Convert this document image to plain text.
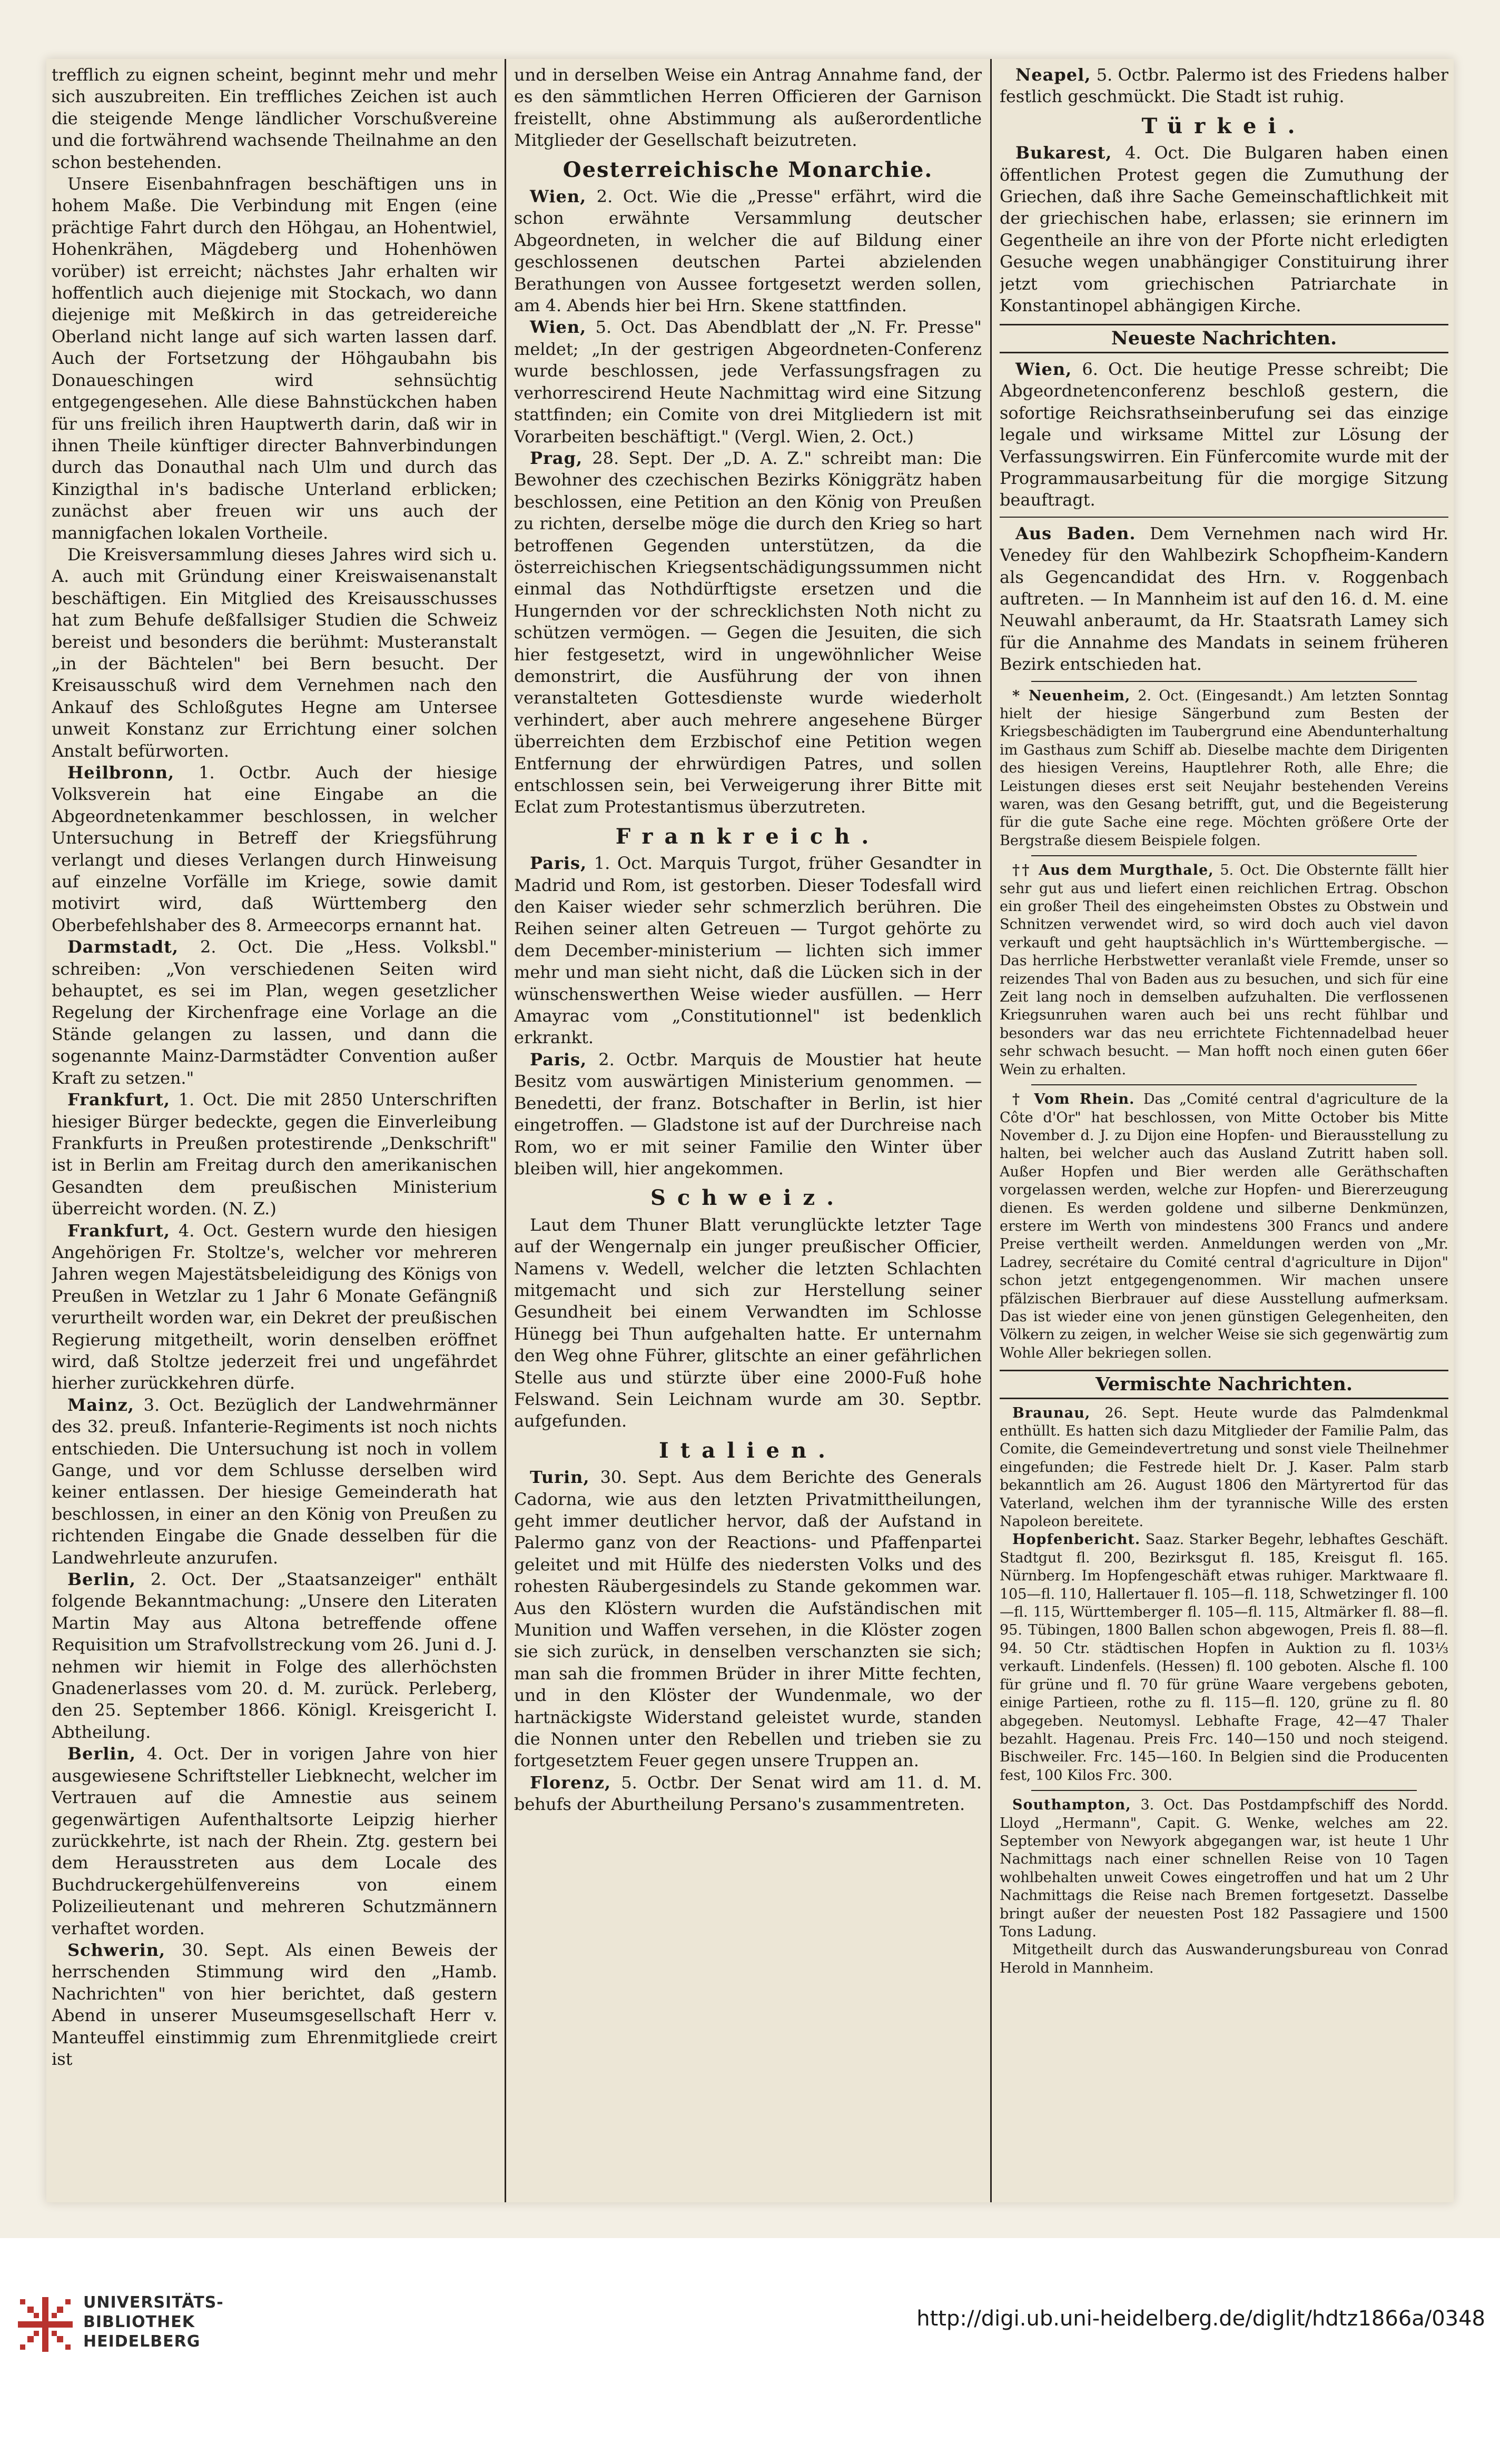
trefflich zu eignen scheint, beginnt mehr und mehr sich auszubreiten. Ein treffliches Zeichen ist auch die steigende Menge ländlicher Vorschußvereine und die fortwährend wachsende Theilnahme an den schon bestehenden.

Unsere Eisenbahnfragen beschäftigen uns in hohem Maße. Die Verbindung mit Engen (eine prächtige Fahrt durch den Höhgau, an Hohentwiel, Hohenkrähen, Mägdeberg und Hohenhöwen vorüber) ist erreicht; nächstes Jahr erhalten wir hoffentlich auch diejenige mit Stockach, wo dann diejenige mit Meßkirch in das getreidereiche Oberland nicht lange auf sich warten lassen darf. Auch der Fortsetzung der Höhgaubahn bis Donaueschingen wird sehnsüchtig entgegengesehen. Alle diese Bahnstückchen haben für uns freilich ihren Hauptwerth darin, daß wir in ihnen Theile künftiger directer Bahnverbindungen durch das Donauthal nach Ulm und durch das Kinzigthal in's badische Unterland erblicken; zunächst aber freuen wir uns auch der mannigfachen lokalen Vortheile.

Die Kreisversammlung dieses Jahres wird sich u. A. auch mit Gründung einer Kreiswaisenanstalt beschäftigen. Ein Mitglied des Kreisausschusses hat zum Behufe deßfallsiger Studien die Schweiz bereist und besonders die berühmt: Musteranstalt „in der Bächtelen" bei Bern besucht. Der Kreisausschuß wird dem Vernehmen nach den Ankauf des Schloßgutes Hegne am Untersee unweit Konstanz zur Errichtung einer solchen Anstalt befürworten.

Heilbronn, 1. Octbr. Auch der hiesige Volksverein hat eine Eingabe an die Abgeordnetenkammer beschlossen, in welcher Untersuchung in Betreff der Kriegsführung verlangt und dieses Verlangen durch Hinweisung auf einzelne Vorfälle im Kriege, sowie damit motivirt wird, daß Württemberg den Oberbefehlshaber des 8. Armeecorps ernannt hat.

Darmstadt, 2. Oct. Die „Hess. Volksbl." schreiben: „Von verschiedenen Seiten wird behauptet, es sei im Plan, wegen gesetzlicher Regelung der Kirchenfrage eine Vorlage an die Stände gelangen zu lassen, und dann die sogenannte Mainz-Darmstädter Convention außer Kraft zu setzen."

Frankfurt, 1. Oct. Die mit 2850 Unterschriften hiesiger Bürger bedeckte, gegen die Einverleibung Frankfurts in Preußen protestirende „Denkschrift" ist in Berlin am Freitag durch den amerikanischen Gesandten dem preußischen Ministerium überreicht worden. (N. Z.)

Frankfurt, 4. Oct. Gestern wurde den hiesigen Angehörigen Fr. Stoltze's, welcher vor mehreren Jahren wegen Majestätsbeleidigung des Königs von Preußen in Wetzlar zu 1 Jahr 6 Monate Gefängniß verurtheilt worden war, ein Dekret der preußischen Regierung mitgetheilt, worin denselben eröffnet wird, daß Stoltze jederzeit frei und ungefährdet hierher zurückkehren dürfe.

Mainz, 3. Oct. Bezüglich der Landwehrmänner des 32. preuß. Infanterie-Regiments ist noch nichts entschieden. Die Untersuchung ist noch in vollem Gange, und vor dem Schlusse derselben wird keiner entlassen. Der hiesige Gemeinderath hat beschlossen, in einer an den König von Preußen zu richtenden Eingabe die Gnade desselben für die Landwehrleute anzurufen.

Berlin, 2. Oct. Der „Staatsanzeiger" enthält folgende Bekanntmachung: „Unsere den Literaten Martin May aus Altona betreffende offene Requisition um Strafvollstreckung vom 26. Juni d. J. nehmen wir hiemit in Folge des allerhöchsten Gnadenerlasses vom 20. d. M. zurück. Perleberg, den 25. September 1866. Königl. Kreisgericht I. Abtheilung.

Berlin, 4. Oct. Der in vorigen Jahre von hier ausgewiesene Schriftsteller Liebknecht, welcher im Vertrauen auf die Amnestie aus seinem gegenwärtigen Aufenthaltsorte Leipzig hierher zurückkehrte, ist nach der Rhein. Ztg. gestern bei dem Herausstreten aus dem Locale des Buchdruckergehülfenvereins von einem Polizeilieutenant und mehreren Schutzmännern verhaftet worden.

Schwerin, 30. Sept. Als einen Beweis der herrschenden Stimmung wird den „Hamb. Nachrichten" von hier berichtet, daß gestern Abend in unserer Museumsgesellschaft Herr v. Manteuffel einstimmig zum Ehrenmitgliede creirt ist

und in derselben Weise ein Antrag Annahme fand, der es den sämmtlichen Herren Officieren der Garnison freistellt, ohne Abstimmung als außerordentliche Mitglieder der Gesellschaft beizutreten.

Oesterreichische Monarchie.

Wien, 2. Oct. Wie die „Presse" erfährt, wird die schon erwähnte Versammlung deutscher Abgeordneten, in welcher die auf Bildung einer geschlossenen deutschen Partei abzielenden Berathungen von Aussee fortgesetzt werden sollen, am 4. Abends hier bei Hrn. Skene stattfinden.

Wien, 5. Oct. Das Abendblatt der „N. Fr. Presse" meldet; „In der gestrigen Abgeordneten-Conferenz wurde beschlossen, jede Verfassungsfragen zu verhorrescirend Heute Nachmittag wird eine Sitzung stattfinden; ein Comite von drei Mitgliedern ist mit Vorarbeiten beschäftigt." (Vergl. Wien, 2. Oct.)

Prag, 28. Sept. Der „D. A. Z." schreibt man: Die Bewohner des czechischen Bezirks Königgrätz haben beschlossen, eine Petition an den König von Preußen zu richten, derselbe möge die durch den Krieg so hart betroffenen Gegenden unterstützen, da die österreichischen Kriegsentschädigungssummen nicht einmal das Nothdürftigste ersetzen und die Hungernden vor der schrecklichsten Noth nicht zu schützen vermögen. — Gegen die Jesuiten, die sich hier festgesetzt, wird in ungewöhnlicher Weise demonstrirt, die Ausführung der von ihnen veranstalteten Gottesdienste wurde wiederholt verhindert, aber auch mehrere angesehene Bürger überreichten dem Erzbischof eine Petition wegen Entfernung der ehrwürdigen Patres, und sollen entschlossen sein, bei Verweigerung ihrer Bitte mit Eclat zum Protestantismus überzutreten.

Frankreich.

Paris, 1. Oct. Marquis Turgot, früher Gesandter in Madrid und Rom, ist gestorben. Dieser Todesfall wird den Kaiser wieder sehr schmerzlich berühren. Die Reihen seiner alten Getreuen — Turgot gehörte zu dem December-ministerium — lichten sich immer mehr und man sieht nicht, daß die Lücken sich in der wünschenswerthen Weise wieder ausfüllen. — Herr Amayrac vom „Constitutionnel" ist bedenklich erkrankt.

Paris, 2. Octbr. Marquis de Moustier hat heute Besitz vom auswärtigen Ministerium genommen. — Benedetti, der franz. Botschafter in Berlin, ist hier eingetroffen. — Gladstone ist auf der Durchreise nach Rom, wo er mit seiner Familie den Winter über bleiben will, hier angekommen.

Schweiz.

Laut dem Thuner Blatt verunglückte letzter Tage auf der Wengernalp ein junger preußischer Officier, Namens v. Wedell, welcher die letzten Schlachten mitgemacht und sich zur Herstellung seiner Gesundheit bei einem Verwandten im Schlosse Hünegg bei Thun aufgehalten hatte. Er unternahm den Weg ohne Führer, glitschte an einer gefährlichen Stelle aus und stürzte über eine 2000-Fuß hohe Felswand. Sein Leichnam wurde am 30. Septbr. aufgefunden.

Italien.

Turin, 30. Sept. Aus dem Berichte des Generals Cadorna, wie aus den letzten Privatmittheilungen, geht immer deutlicher hervor, daß der Aufstand in Palermo ganz von der Reactions- und Pfaffenpartei geleitet und mit Hülfe des niedersten Volks und des rohesten Räubergesindels zu Stande gekommen war. Aus den Klöstern wurden die Aufständischen mit Munition und Waffen versehen, in die Klöster zogen sie sich zurück, in denselben verschanzten sie sich; man sah die frommen Brüder in ihrer Mitte fechten, und in den Klöster der Wundenmale, wo der hartnäckigste Widerstand geleistet wurde, standen die Nonnen unter den Rebellen und trieben sie zu fortgesetztem Feuer gegen unsere Truppen an.

Florenz, 5. Octbr. Der Senat wird am 11. d. M. behufs der Aburtheilung Persano's zusammentreten.

Neapel, 5. Octbr. Palermo ist des Friedens halber festlich geschmückt. Die Stadt ist ruhig.

Türkei.

Bukarest, 4. Oct. Die Bulgaren haben einen öffentlichen Protest gegen die Zumuthung der Griechen, daß ihre Sache Gemeinschaftlichkeit mit der griechischen habe, erlassen; sie erinnern im Gegentheile an ihre von der Pforte nicht erledigten Gesuche wegen unabhängiger Constituirung ihrer jetzt vom griechischen Patriarchate in Konstantinopel abhängigen Kirche.

Neueste Nachrichten.

Wien, 6. Oct. Die heutige Presse schreibt; Die Abgeordnetenconferenz beschloß gestern, die sofortige Reichsrathseinberufung sei das einzige legale und wirksame Mittel zur Lösung der Verfassungswirren. Ein Fünfercomite wurde mit der Programmausarbeitung für die morgige Sitzung beauftragt.

Aus Baden. Dem Vernehmen nach wird Hr. Venedey für den Wahlbezirk Schopfheim-Kandern als Gegencandidat des Hrn. v. Roggenbach auftreten. — In Mannheim ist auf den 16. d. M. eine Neuwahl anberaumt, da Hr. Staatsrath Lamey sich für die Annahme des Mandats in seinem früheren Bezirk entschieden hat.

* Neuenheim, 2. Oct. (Eingesandt.) Am letzten Sonntag hielt der hiesige Sängerbund zum Besten der Kriegsbeschädigten im Taubergrund eine Abendunterhaltung im Gasthaus zum Schiff ab. Dieselbe machte dem Dirigenten des hiesigen Vereins, Hauptlehrer Roth, alle Ehre; die Leistungen dieses erst seit Neujahr bestehenden Vereins waren, was den Gesang betrifft, gut, und die Begeisterung für die gute Sache eine rege. Möchten größere Orte der Bergstraße diesem Beispiele folgen.

†† Aus dem Murgthale, 5. Oct. Die Obsternte fällt hier sehr gut aus und liefert einen reichlichen Ertrag. Obschon ein großer Theil des eingeheimsten Obstes zu Obstwein und Schnitzen verwendet wird, so wird doch auch viel davon verkauft und geht hauptsächlich in's Württembergische. — Das herrliche Herbstwetter veranlaßt viele Fremde, unser so reizendes Thal von Baden aus zu besuchen, und sich für eine Zeit lang noch in demselben aufzuhalten. Die verflossenen Kriegsunruhen waren auch bei uns recht fühlbar und besonders war das neu errichtete Fichtennadelbad heuer sehr schwach besucht. — Man hofft noch einen guten 66er Wein zu erhalten.

† Vom Rhein. Das „Comité central d'agriculture de la Côte d'Or" hat beschlossen, von Mitte October bis Mitte November d. J. zu Dijon eine Hopfen- und Bierausstellung zu halten, bei welcher auch das Ausland Zutritt haben soll. Außer Hopfen und Bier werden alle Geräthschaften vorgelassen werden, welche zur Hopfen- und Biererzeugung dienen. Es werden goldene und silberne Denkmünzen, erstere im Werth von mindestens 300 Francs und andere Preise vertheilt werden. Anmeldungen werden von „Mr. Ladrey, secrétaire du Comité central d'agriculture in Dijon" schon jetzt entgegengenommen. Wir machen unsere pfälzischen Bierbrauer auf diese Ausstellung aufmerksam. Das ist wieder eine von jenen günstigen Gelegenheiten, den Völkern zu zeigen, in welcher Weise sie sich gegenwärtig zum Wohle Aller bekriegen sollen.

Vermischte Nachrichten.

Braunau, 26. Sept. Heute wurde das Palmdenkmal enthüllt. Es hatten sich dazu Mitglieder der Familie Palm, das Comite, die Gemeindevertretung und sonst viele Theilnehmer eingefunden; die Festrede hielt Dr. J. Kaser. Palm starb bekanntlich am 26. August 1806 den Märtyrertod für das Vaterland, welchen ihm der tyrannische Wille des ersten Napoleon bereitete.

Hopfenbericht. Saaz. Starker Begehr, lebhaftes Geschäft. Stadtgut fl. 200, Bezirksgut fl. 185, Kreisgut fl. 165. Nürnberg. Im Hopfengeschäft etwas ruhiger. Marktwaare fl. 105—fl. 110, Hallertauer fl. 105—fl. 118, Schwetzinger fl. 100—fl. 115, Württemberger fl. 105—fl. 115, Altmärker fl. 88—fl. 95. Tübingen, 1800 Ballen schon abgewogen, Preis fl. 88—fl. 94. 50 Ctr. städtischen Hopfen in Auktion zu fl. 103⅓ verkauft. Lindenfels. (Hessen) fl. 100 geboten. Alsche fl. 100 für grüne und fl. 70 für grüne Waare vergebens geboten, einige Partieen, rothe zu fl. 115—fl. 120, grüne zu fl. 80 abgegeben. Neutomysl. Lebhafte Frage, 42—47 Thaler bezahlt. Hagenau. Preis Frc. 140—150 und noch steigend. Bischweiler. Frc. 145—160. In Belgien sind die Producenten fest, 100 Kilos Frc. 300.

Southampton, 3. Oct. Das Postdampfschiff des Nordd. Lloyd „Hermann", Capit. G. Wenke, welches am 22. September von Newyork abgegangen war, ist heute 1 Uhr Nachmittags nach einer schnellen Reise von 10 Tagen wohlbehalten unweit Cowes eingetroffen und hat um 2 Uhr Nachmittags die Reise nach Bremen fortgesetzt. Dasselbe bringt außer der neuesten Post 182 Passagiere und 1500 Tons Ladung.

Mitgetheilt durch das Auswanderungsbureau von Conrad Herold in Mannheim.

UNIVERSITÄTS-
BIBLIOTHEK
HEIDELBERG
http://digi.ub.uni-heidelberg.de/diglit/hdtz1866a/0348
